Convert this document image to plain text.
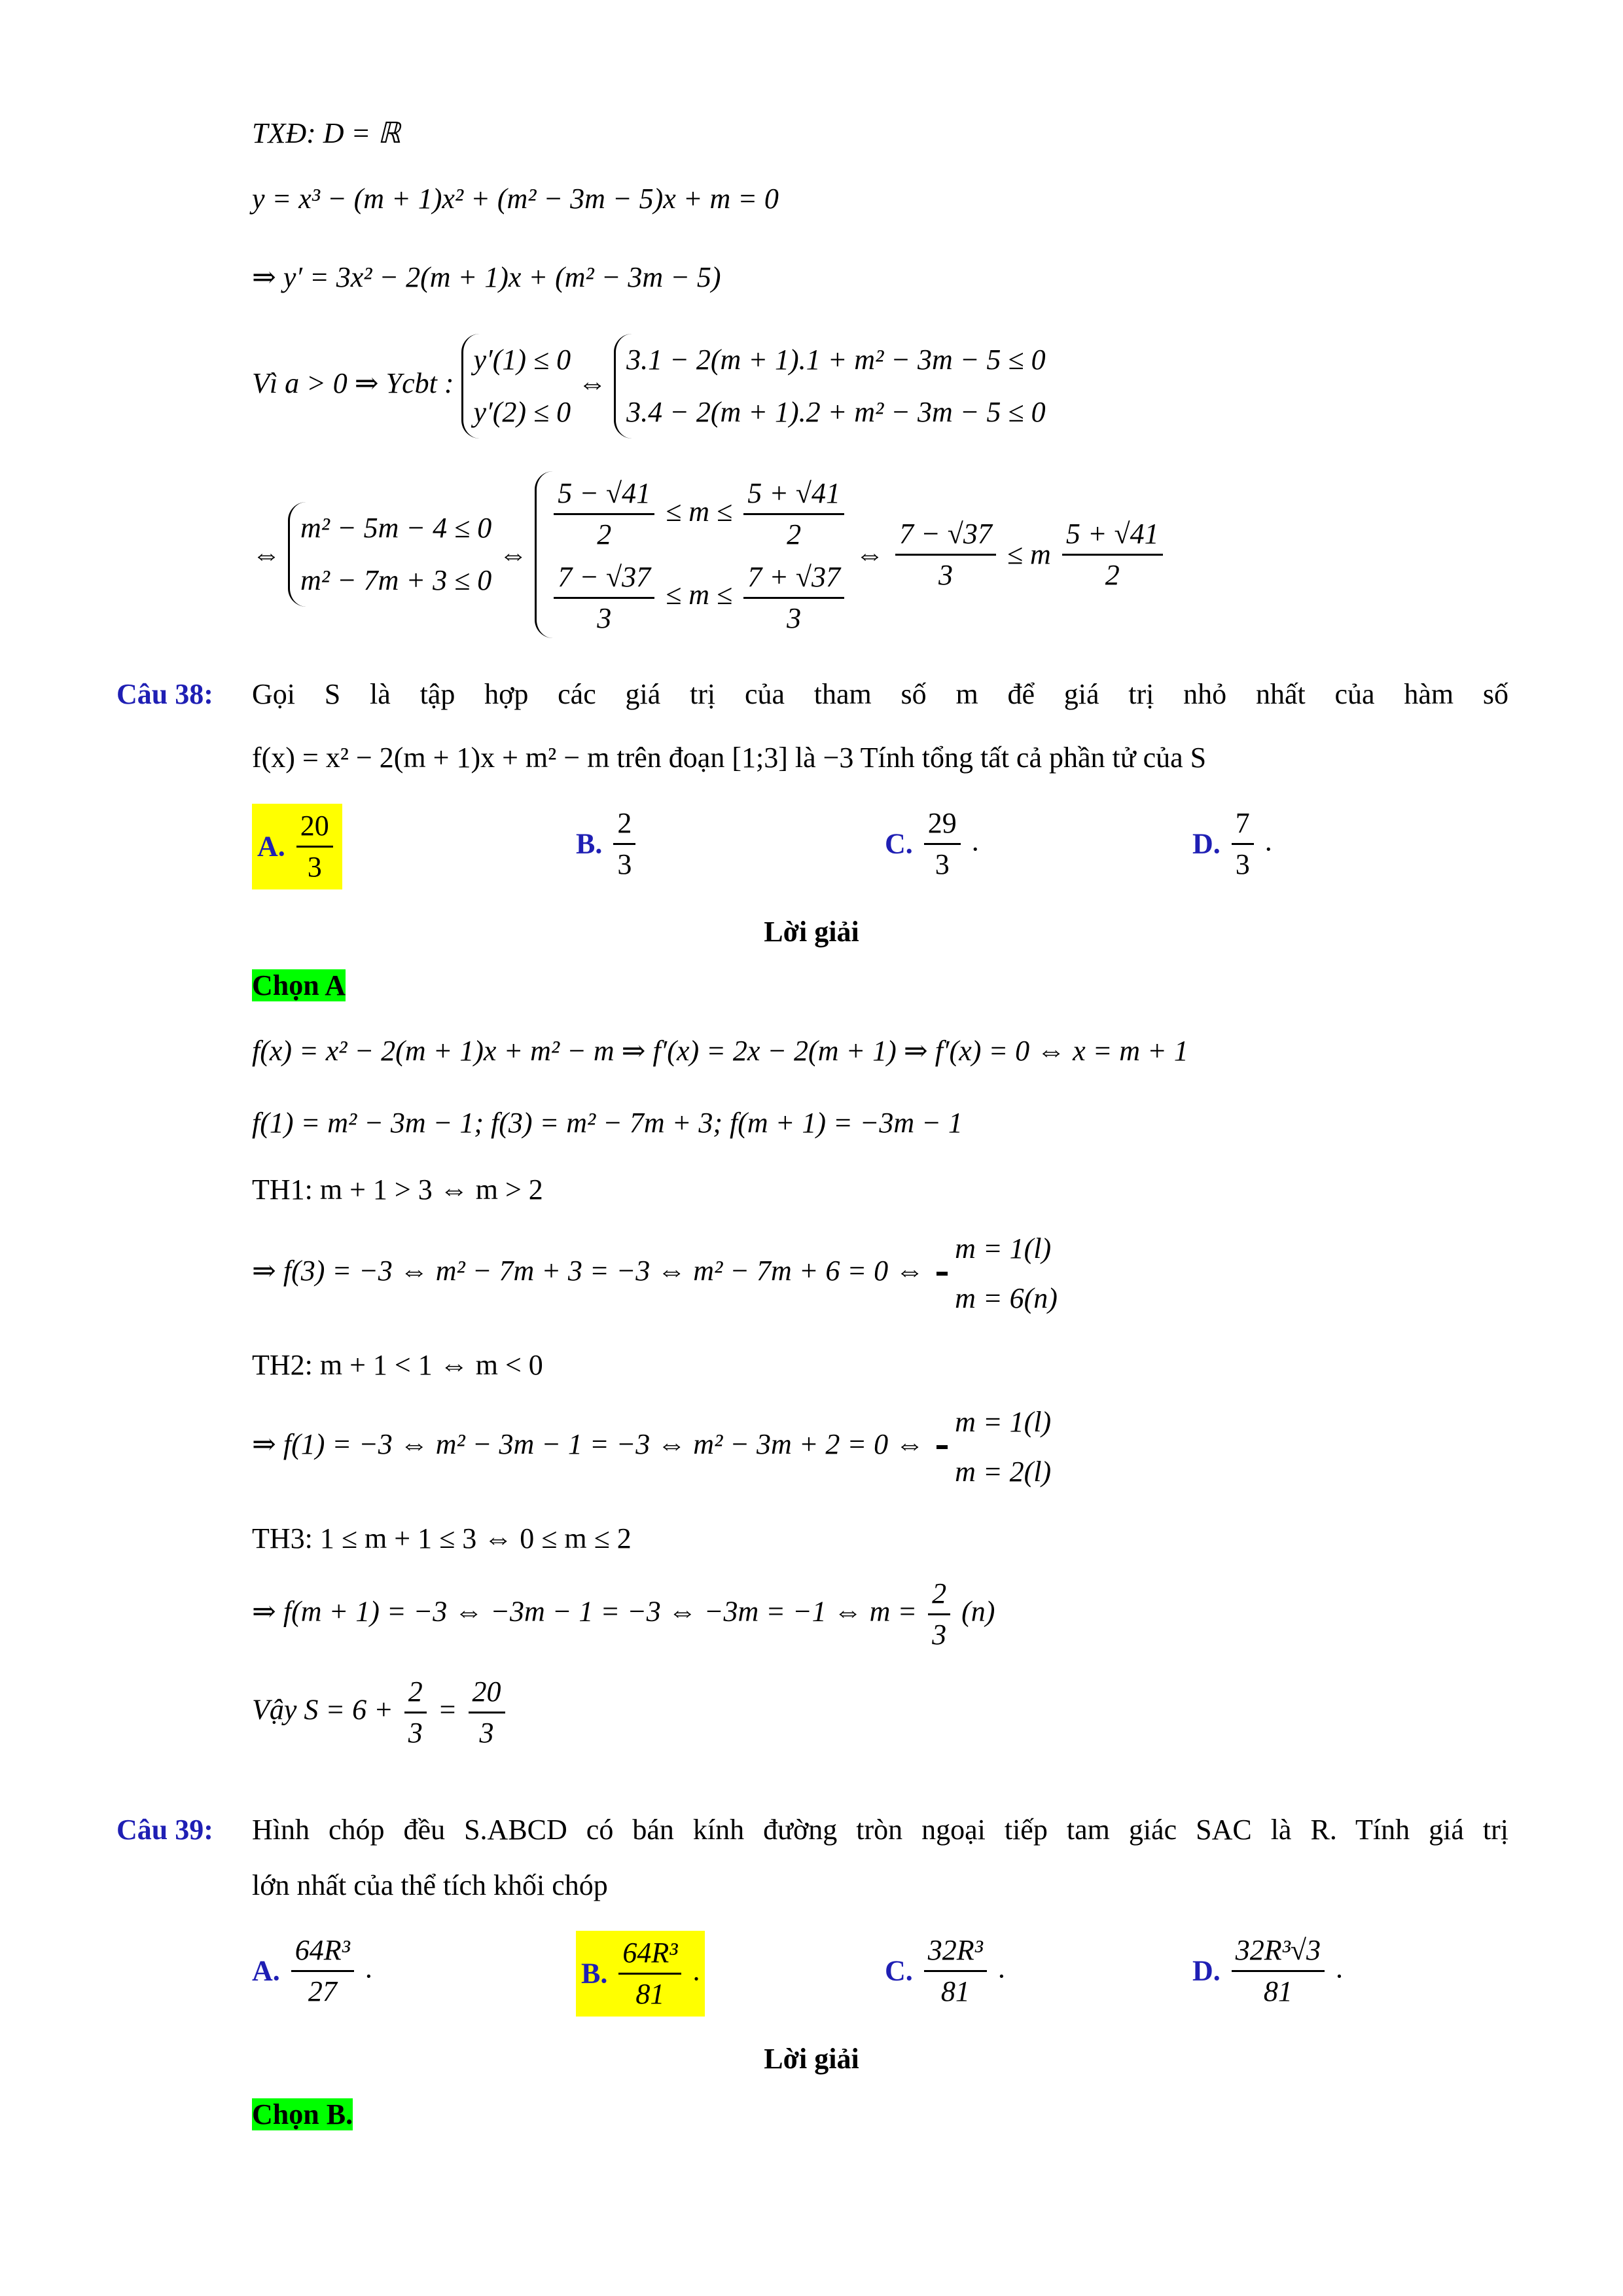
TXĐ: D = ℝ
y = x³ − (m + 1)x² + (m² − 3m − 5)x + m = 0
⇒ y′ = 3x² − 2(m + 1)x + (m² − 3m − 5)
Vì a > 0 ⇒ Ycbt :
y′(1) ≤ 0
y′(2) ≤ 0
⇔
3.1 − 2(m + 1).1 + m² − 3m − 5 ≤ 0
3.4 − 2(m + 1).2 + m² − 3m − 5 ≤ 0
⇔
m² − 5m − 4 ≤ 0
m² − 7m + 3 ≤ 0
⇔ $\frac{5 - √41}{2} \le m \le \frac{5 + √41}{2}$
$\frac{7 - √37}{3} \le m \le \frac{7 + √37}{3}$
⇔ $\frac{7 - √37}{3} \le m \frac{5 + √41}{2}$
Câu 38: Gọi S là tập hợp các giá trị của tham số m để giá trị nhỏ nhất của hàm số
f(x) = x² − 2(m + 1)x + m² − m trên đoạn [1;3] là −3 Tính tổng tất cả phần tử của S
A. $\frac{20}{3}$	B. $\frac{2}{3}$	C. $\frac{29}{3}$ .	D. $\frac{7}{3}$ .
Lời giải
Chọn A
f(x) = x² − 2(m + 1)x + m² − m ⇒ f′(x) = 2x − 2(m + 1) ⇒ f′(x) = 0 ⇔ x = m + 1
f(1) = m² − 3m − 1; f(3) = m² − 7m + 3; f(m + 1) = −3m − 1
TH1: m + 1 > 3 ⇔ m > 2
⇒ f(3) = −3 ⇔ m² − 7m + 3 = −3 ⇔ m² − 7m + 6 = 0 ⇔
m = 1(l)
m = 6(n)
TH2: m + 1 < 1 ⇔ m < 0
⇒ f(1) = −3 ⇔ m² − 3m − 1 = −3 ⇔ m² − 3m + 2 = 0 ⇔
m = 1(l)
m = 2(l)
TH3: 1 ≤ m + 1 ≤ 3 ⇔ 0 ≤ m ≤ 2
⇒ f(m + 1) = −3 ⇔ −3m − 1 = −3 ⇔ −3m = −1 ⇔ $m = \frac{2}{3} (n)$
Vậy $S = 6 + \frac{2}{3} = \frac{20}{3}$
Câu 39: Hình chóp đều S.ABCD có bán kính đường tròn ngoại tiếp tam giác SAC là R. Tính giá trị
lớn nhất của thể tích khối chóp
A. $\frac{\text{64R³}}{27}$ .	B. $\frac{\text{64R³}}{81}$ .	C. $\frac{\text{32R³}}{81}$ .	D. $\frac{\text{32R³√3}}{81}$ .
Lời giải
Chọn B.
